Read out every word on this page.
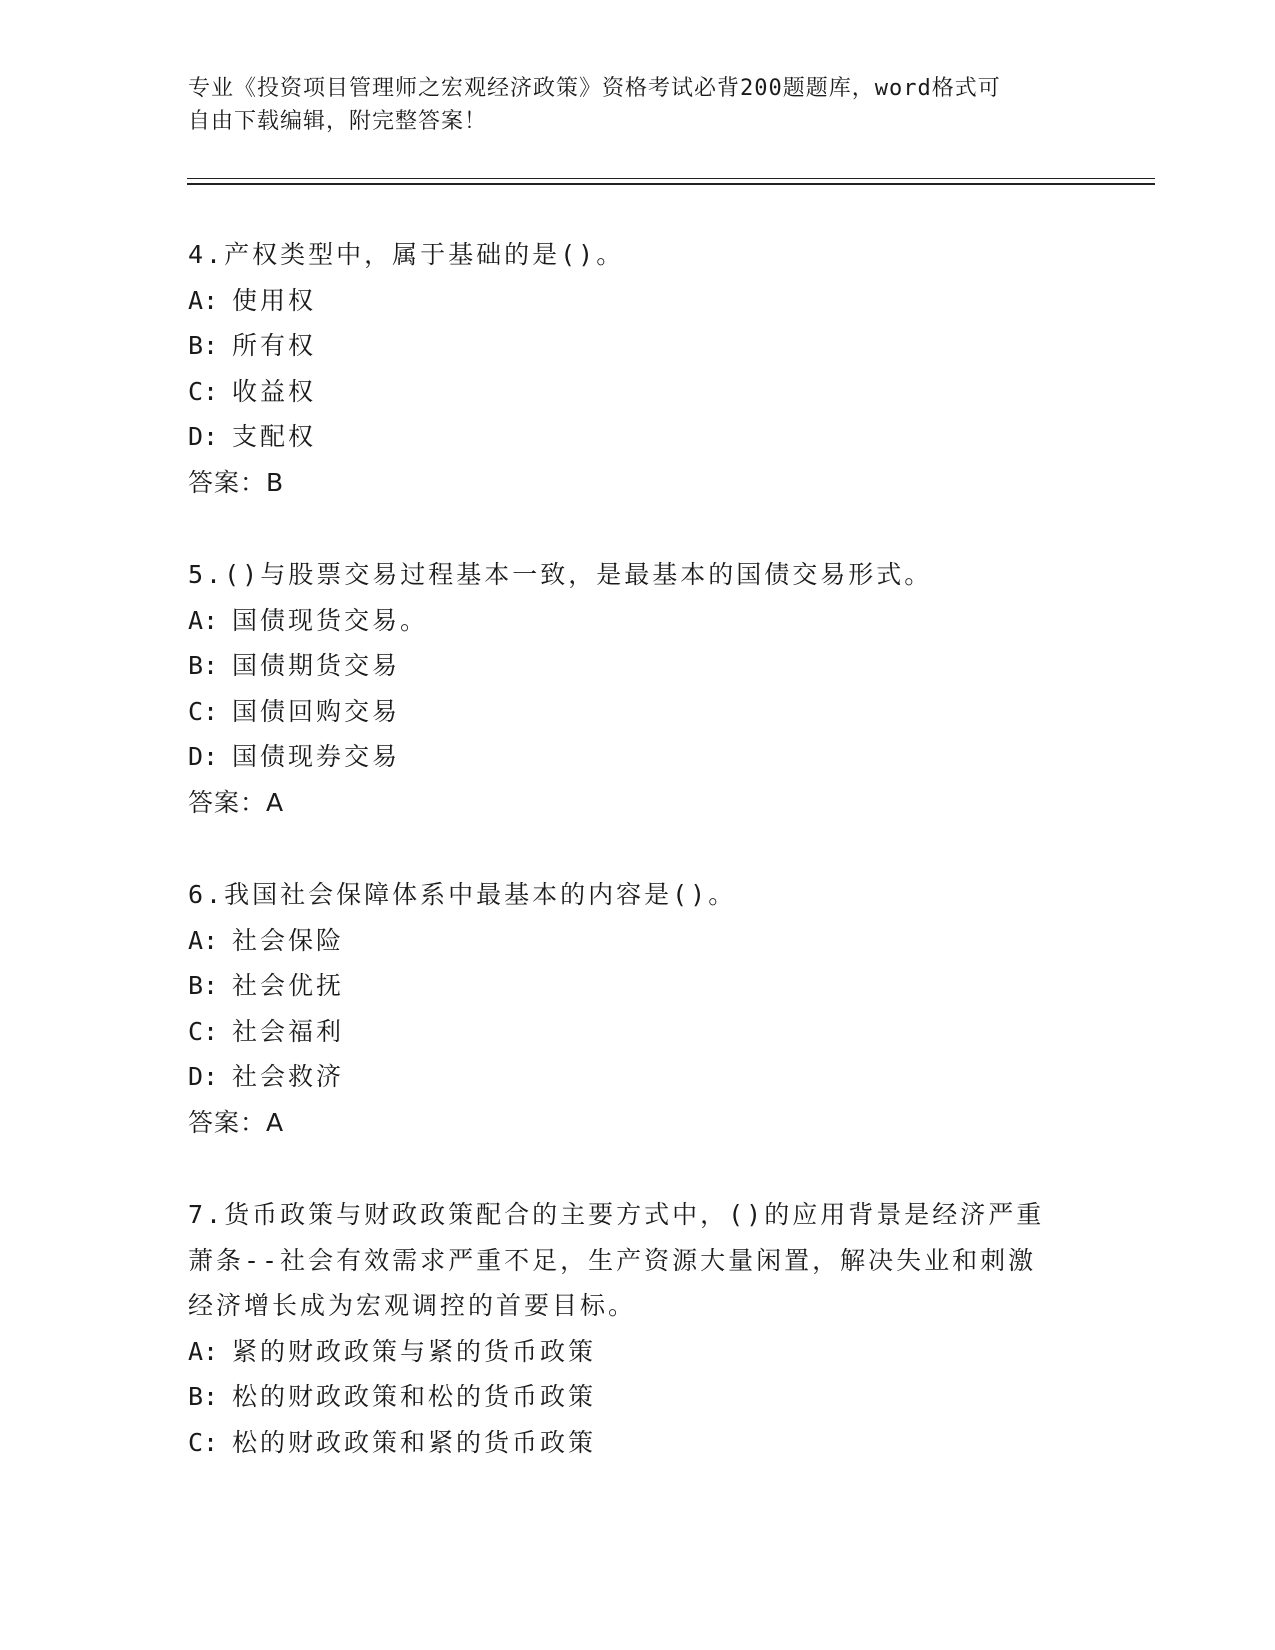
专业《投资项目管理师之宏观经济政策》资格考试必背200题题库，word格式可
自由下载编辑，附完整答案！
4.产权类型中，属于基础的是()。
A: 使用权
B: 所有权
C: 收益权
D: 支配权
答案：B
5.()与股票交易过程基本一致，是最基本的国债交易形式。
A: 国债现货交易。
B: 国债期货交易
C: 国债回购交易
D: 国债现券交易
答案：A
6.我国社会保障体系中最基本的内容是()。
A: 社会保险
B: 社会优抚
C: 社会福利
D: 社会救济
答案：A
7.货币政策与财政政策配合的主要方式中，()的应用背景是经济严重
萧条--社会有效需求严重不足，生产资源大量闲置，解决失业和刺激
经济增长成为宏观调控的首要目标。
A: 紧的财政政策与紧的货币政策
B: 松的财政政策和松的货币政策
C: 松的财政政策和紧的货币政策
